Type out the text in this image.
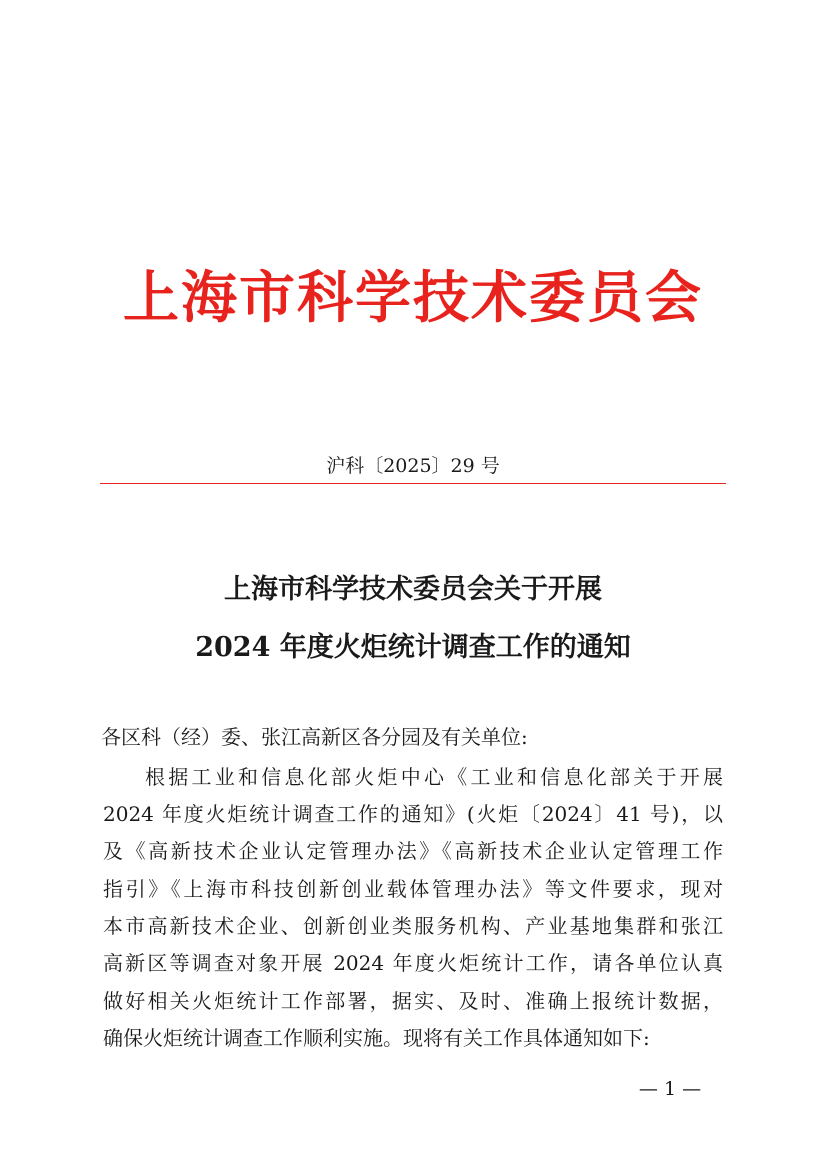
上海市科学技术委员会
沪科〔2025〕29 号
上海市科学技术委员会关于开展
2024 年度火炬统计调查工作的通知
各区科（经）委、张江高新区各分园及有关单位:
根据工业和信息化部火炬中心《工业和信息化部关于开展
2024 年度火炬统计调查工作的通知》(火炬〔2024〕41 号)，以
及《高新技术企业认定管理办法》《高新技术企业认定管理工作
指引》《上海市科技创新创业载体管理办法》等文件要求，现对
本市高新技术企业、创新创业类服务机构、产业基地集群和张江
高新区等调查对象开展 2024 年度火炬统计工作，请各单位认真
做好相关火炬统计工作部署，据实、及时、准确上报统计数据，
确保火炬统计调查工作顺利实施。现将有关工作具体通知如下:
— 1 —
